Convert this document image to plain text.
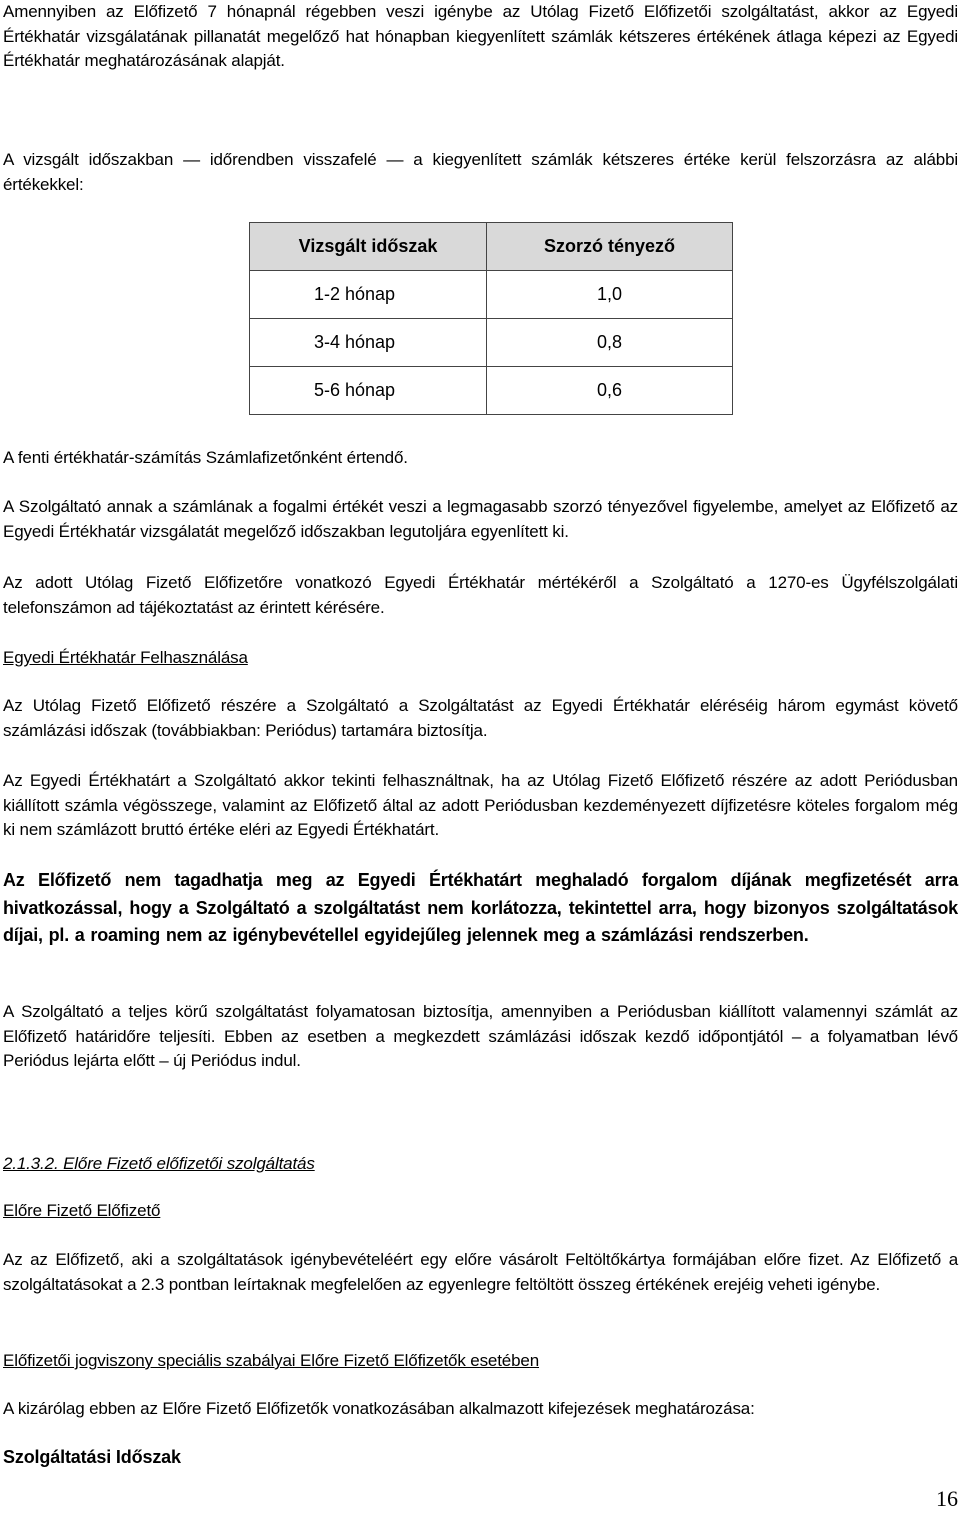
Amennyiben az Előfizető 7 hónapnál régebben veszi igénybe az Utólag Fizető Előfizetői szolgáltatást, akkor az Egyedi Értékhatár vizsgálatának pillanatát megelőző hat hónapban kiegyenlített számlák kétszeres értékének átlaga képezi az Egyedi Értékhatár meghatározásának alapját.

A vizsgált időszakban ― időrendben visszafelé ― a kiegyenlített számlák kétszeres értéke kerül felszorzásra az alábbi értékekkel:

Vizsgált időszak	Szorzó tényező
1-2 hónap	1,0
3-4 hónap	0,8
5-6 hónap	0,6

A fenti értékhatár-számítás Számlafizetőnként értendő.

A Szolgáltató annak a számlának a fogalmi értékét veszi a legmagasabb szorzó tényezővel figyelembe, amelyet az Előfizető az Egyedi Értékhatár vizsgálatát megelőző időszakban legutoljára egyenlített ki.

Az adott Utólag Fizető Előfizetőre vonatkozó Egyedi Értékhatár mértékéről a Szolgáltató a 1270-es Ügyfélszolgálati telefonszámon ad tájékoztatást az érintett kérésére.

Egyedi Értékhatár Felhasználása

Az Utólag Fizető Előfizető részére a Szolgáltató a Szolgáltatást az Egyedi Értékhatár eléréséig három egymást követő számlázási időszak (továbbiakban: Periódus) tartamára biztosítja.

Az Egyedi Értékhatárt a Szolgáltató akkor tekinti felhasználtnak, ha az Utólag Fizető Előfizető részére az adott Periódusban kiállított számla végösszege, valamint az Előfizető által az adott Periódusban kezdeményezett díjfizetésre köteles forgalom még ki nem számlázott bruttó értéke eléri az Egyedi Értékhatárt.

Az Előfizető nem tagadhatja meg az Egyedi Értékhatárt meghaladó forgalom díjának megfizetését arra hivatkozással, hogy a Szolgáltató a szolgáltatást nem korlátozza, tekintettel arra, hogy bizonyos szolgáltatások díjai, pl. a roaming nem az igénybevétellel egyidejűleg jelennek meg a számlázási rendszerben.

A Szolgáltató a teljes körű szolgáltatást folyamatosan biztosítja, amennyiben a Periódusban kiállított valamennyi számlát az Előfizető határidőre teljesíti. Ebben az esetben a megkezdett számlázási időszak kezdő időpontjától – a folyamatban lévő Periódus lejárta előtt – új Periódus indul.

2.1.3.2. Előre Fizető előfizetői szolgáltatás

Előre Fizető Előfizető

Az az Előfizető, aki a szolgáltatások igénybevételéért egy előre vásárolt Feltöltőkártya formájában előre fizet. Az Előfizető a szolgáltatásokat a 2.3 pontban leírtaknak megfelelően az egyenlegre feltöltött összeg értékének erejéig veheti igénybe.

Előfizetői jogviszony speciális szabályai Előre Fizető Előfizetők esetében

A kizárólag ebben az Előre Fizető Előfizetők vonatkozásában alkalmazott kifejezések meghatározása:

Szolgáltatási Időszak

16
